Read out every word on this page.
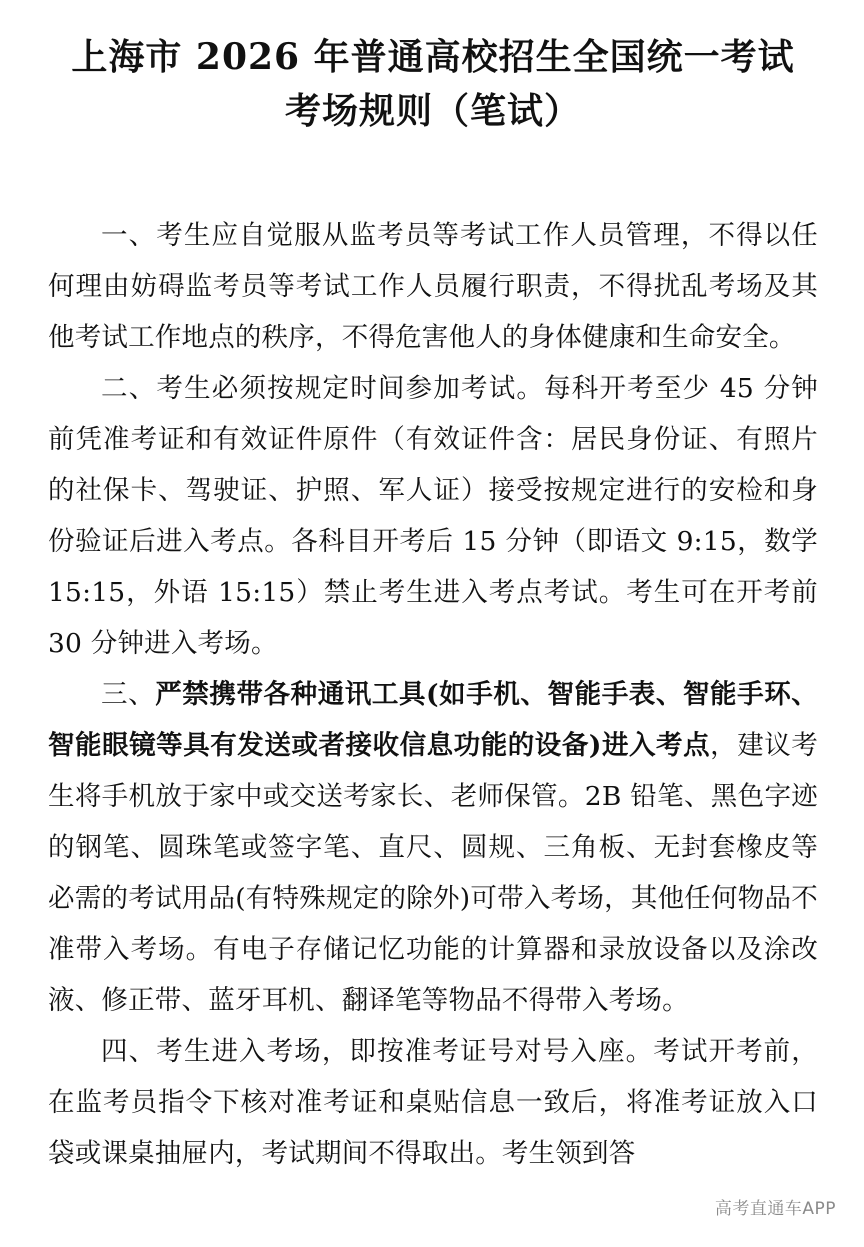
上海市 2026 年普通高校招生全国统一考试
考场规则（笔试）

一、考生应自觉服从监考员等考试工作人员管理，不得以任何理由妨碍监考员等考试工作人员履行职责，不得扰乱考场及其他考试工作地点的秩序，不得危害他人的身体健康和生命安全。

二、考生必须按规定时间参加考试。每科开考至少 45 分钟前凭准考证和有效证件原件（有效证件含：居民身份证、有照片的社保卡、驾驶证、护照、军人证）接受按规定进行的安检和身份验证后进入考点。各科目开考后 15 分钟（即语文 9:15，数学 15:15，外语 15:15）禁止考生进入考点考试。考生可在开考前 30 分钟进入考场。

三、严禁携带各种通讯工具(如手机、智能手表、智能手环、智能眼镜等具有发送或者接收信息功能的设备)进入考点，建议考生将手机放于家中或交送考家长、老师保管。2B 铅笔、黑色字迹的钢笔、圆珠笔或签字笔、直尺、圆规、三角板、无封套橡皮等必需的考试用品(有特殊规定的除外)可带入考场，其他任何物品不准带入考场。有电子存储记忆功能的计算器和录放设备以及涂改液、修正带、蓝牙耳机、翻译笔等物品不得带入考场。

四、考生进入考场，即按准考证号对号入座。考试开考前，在监考员指令下核对准考证和桌贴信息一致后，将准考证放入口袋或课桌抽屉内，考试期间不得取出。考生领到答

高考直通车APP
